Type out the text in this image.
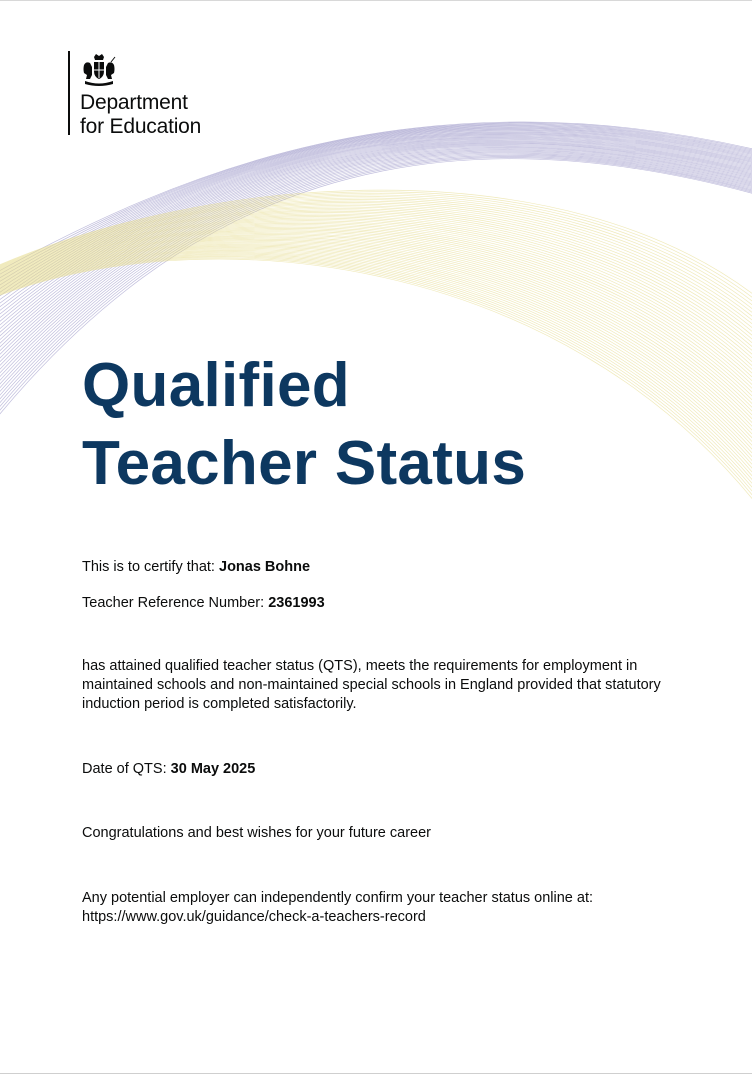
Department
for Education
Qualified
Teacher Status
This is to certify that: Jonas Bohne
Teacher Reference Number: 2361993
has attained qualified teacher status (QTS), meets the requirements for employment in
maintained schools and non-maintained special schools in England provided that statutory
induction period is completed satisfactorily.
Date of QTS: 30 May 2025
Congratulations and best wishes for your future career
Any potential employer can independently confirm your teacher status online at:
https://www.gov.uk/guidance/check-a-teachers-record
